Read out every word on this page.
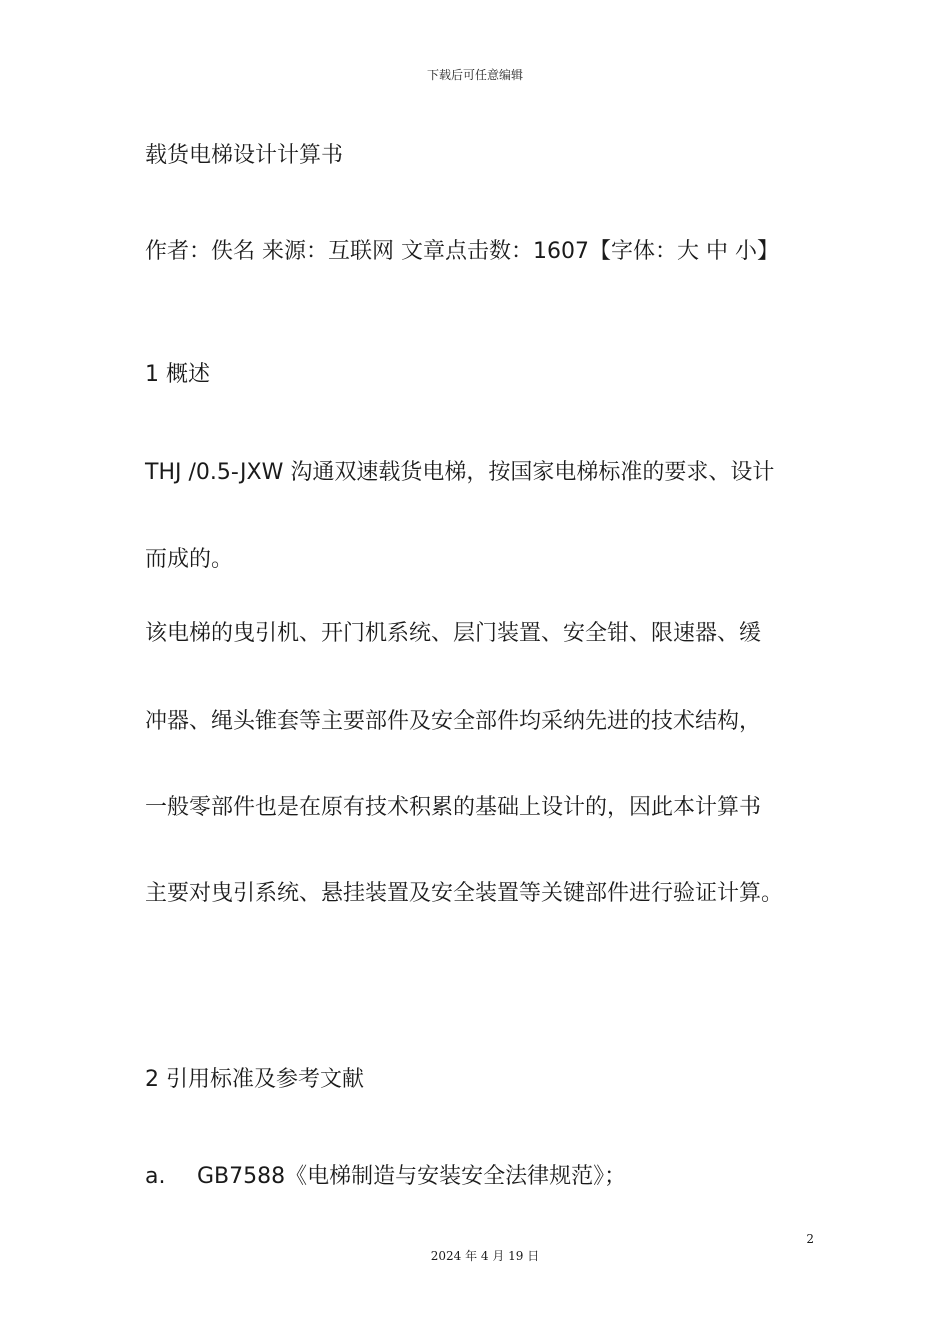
下载后可任意编辑
载货电梯设计计算书
作者：佚名 来源：互联网 文章点击数：1607【字体：大 中 小】
1 概述
THJ /0.5-JXW 沟通双速载货电梯，按国家电梯标准的要求、设计
而成的。
该电梯的曳引机、开门机系统、层门装置、安全钳、限速器、缓
冲器、绳头锥套等主要部件及安全部件均采纳先进的技术结构，
一般零部件也是在原有技术积累的基础上设计的，因此本计算书
主要对曳引系统、悬挂装置及安全装置等关键部件进行验证计算。
2 引用标准及参考文献
a. GB7588《电梯制造与安装安全法律规范》；
2
2024 年 4 月 19 日
